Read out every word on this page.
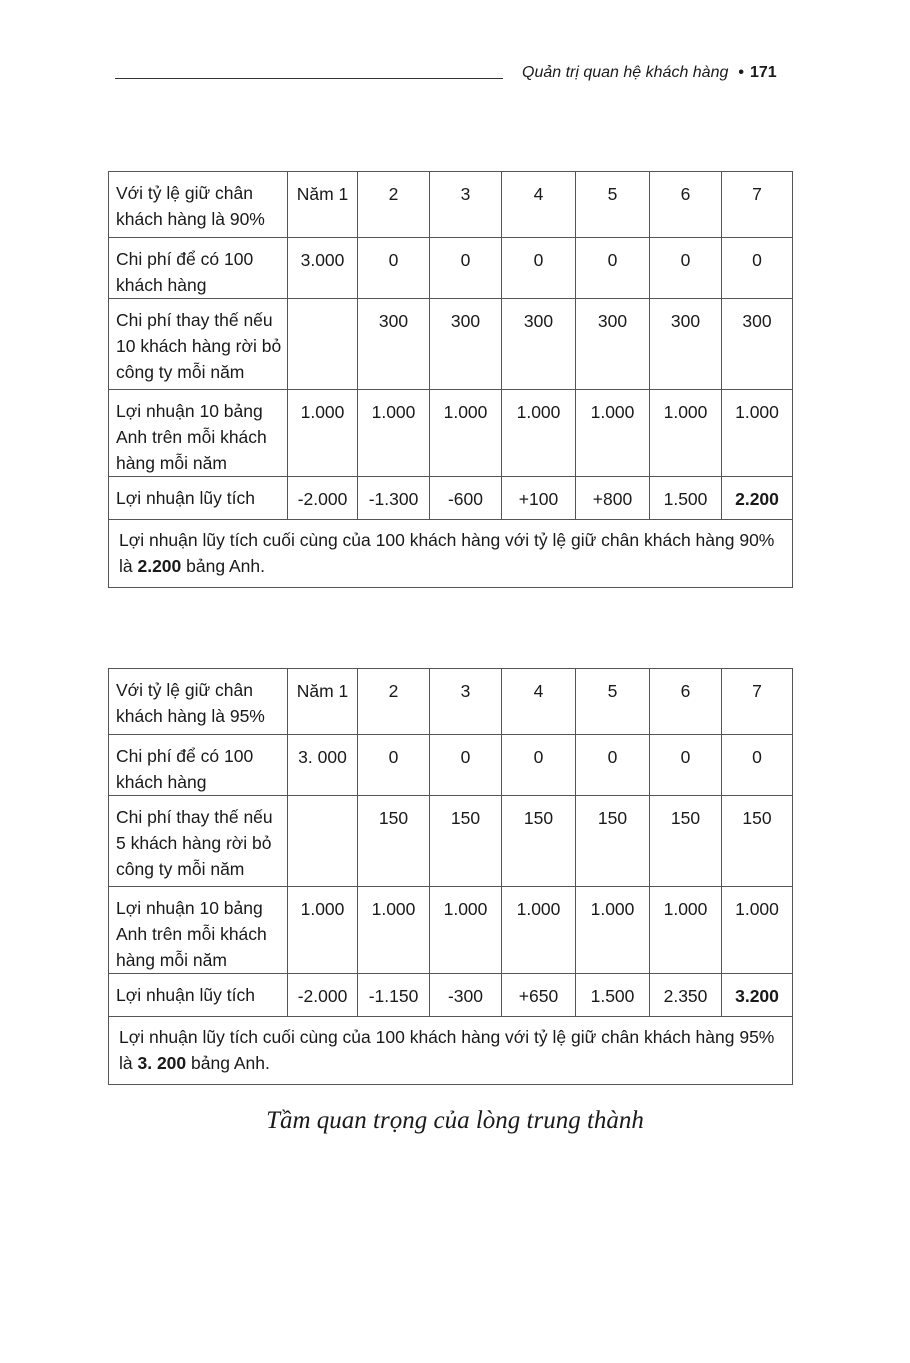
Quản trị quan hệ khách hàng • 171
Với tỷ lệ giữ chân khách hàng là 90%	Năm 1	2	3	4	5	6	7
Chi phí để có 100 khách hàng	3.000	0	0	0	0	0	0
Chi phí thay thế nếu 10 khách hàng rời bỏ công ty mỗi năm		300	300	300	300	300	300
Lợi nhuận 10 bảng Anh trên mỗi khách hàng mỗi năm	1.000	1.000	1.000	1.000	1.000	1.000	1.000
Lợi nhuận lũy tích	-2.000	-1.300	-600	+100	+800	1.500	2.200
Lợi nhuận lũy tích cuối cùng của 100 khách hàng với tỷ lệ giữ chân khách hàng 90% là 2.200 bảng Anh.							
Với tỷ lệ giữ chân khách hàng là 95%	Năm 1	2	3	4	5	6	7
Chi phí để có 100 khách hàng	3. 000	0	0	0	0	0	0
Chi phí thay thế nếu 5 khách hàng rời bỏ công ty mỗi năm		150	150	150	150	150	150
Lợi nhuận 10 bảng Anh trên mỗi khách hàng mỗi năm	1.000	1.000	1.000	1.000	1.000	1.000	1.000
Lợi nhuận lũy tích	-2.000	-1.150	-300	+650	1.500	2.350	3.200
Lợi nhuận lũy tích cuối cùng của 100 khách hàng với tỷ lệ giữ chân khách hàng 95% là 3. 200 bảng Anh.							
Tầm quan trọng của lòng trung thành
